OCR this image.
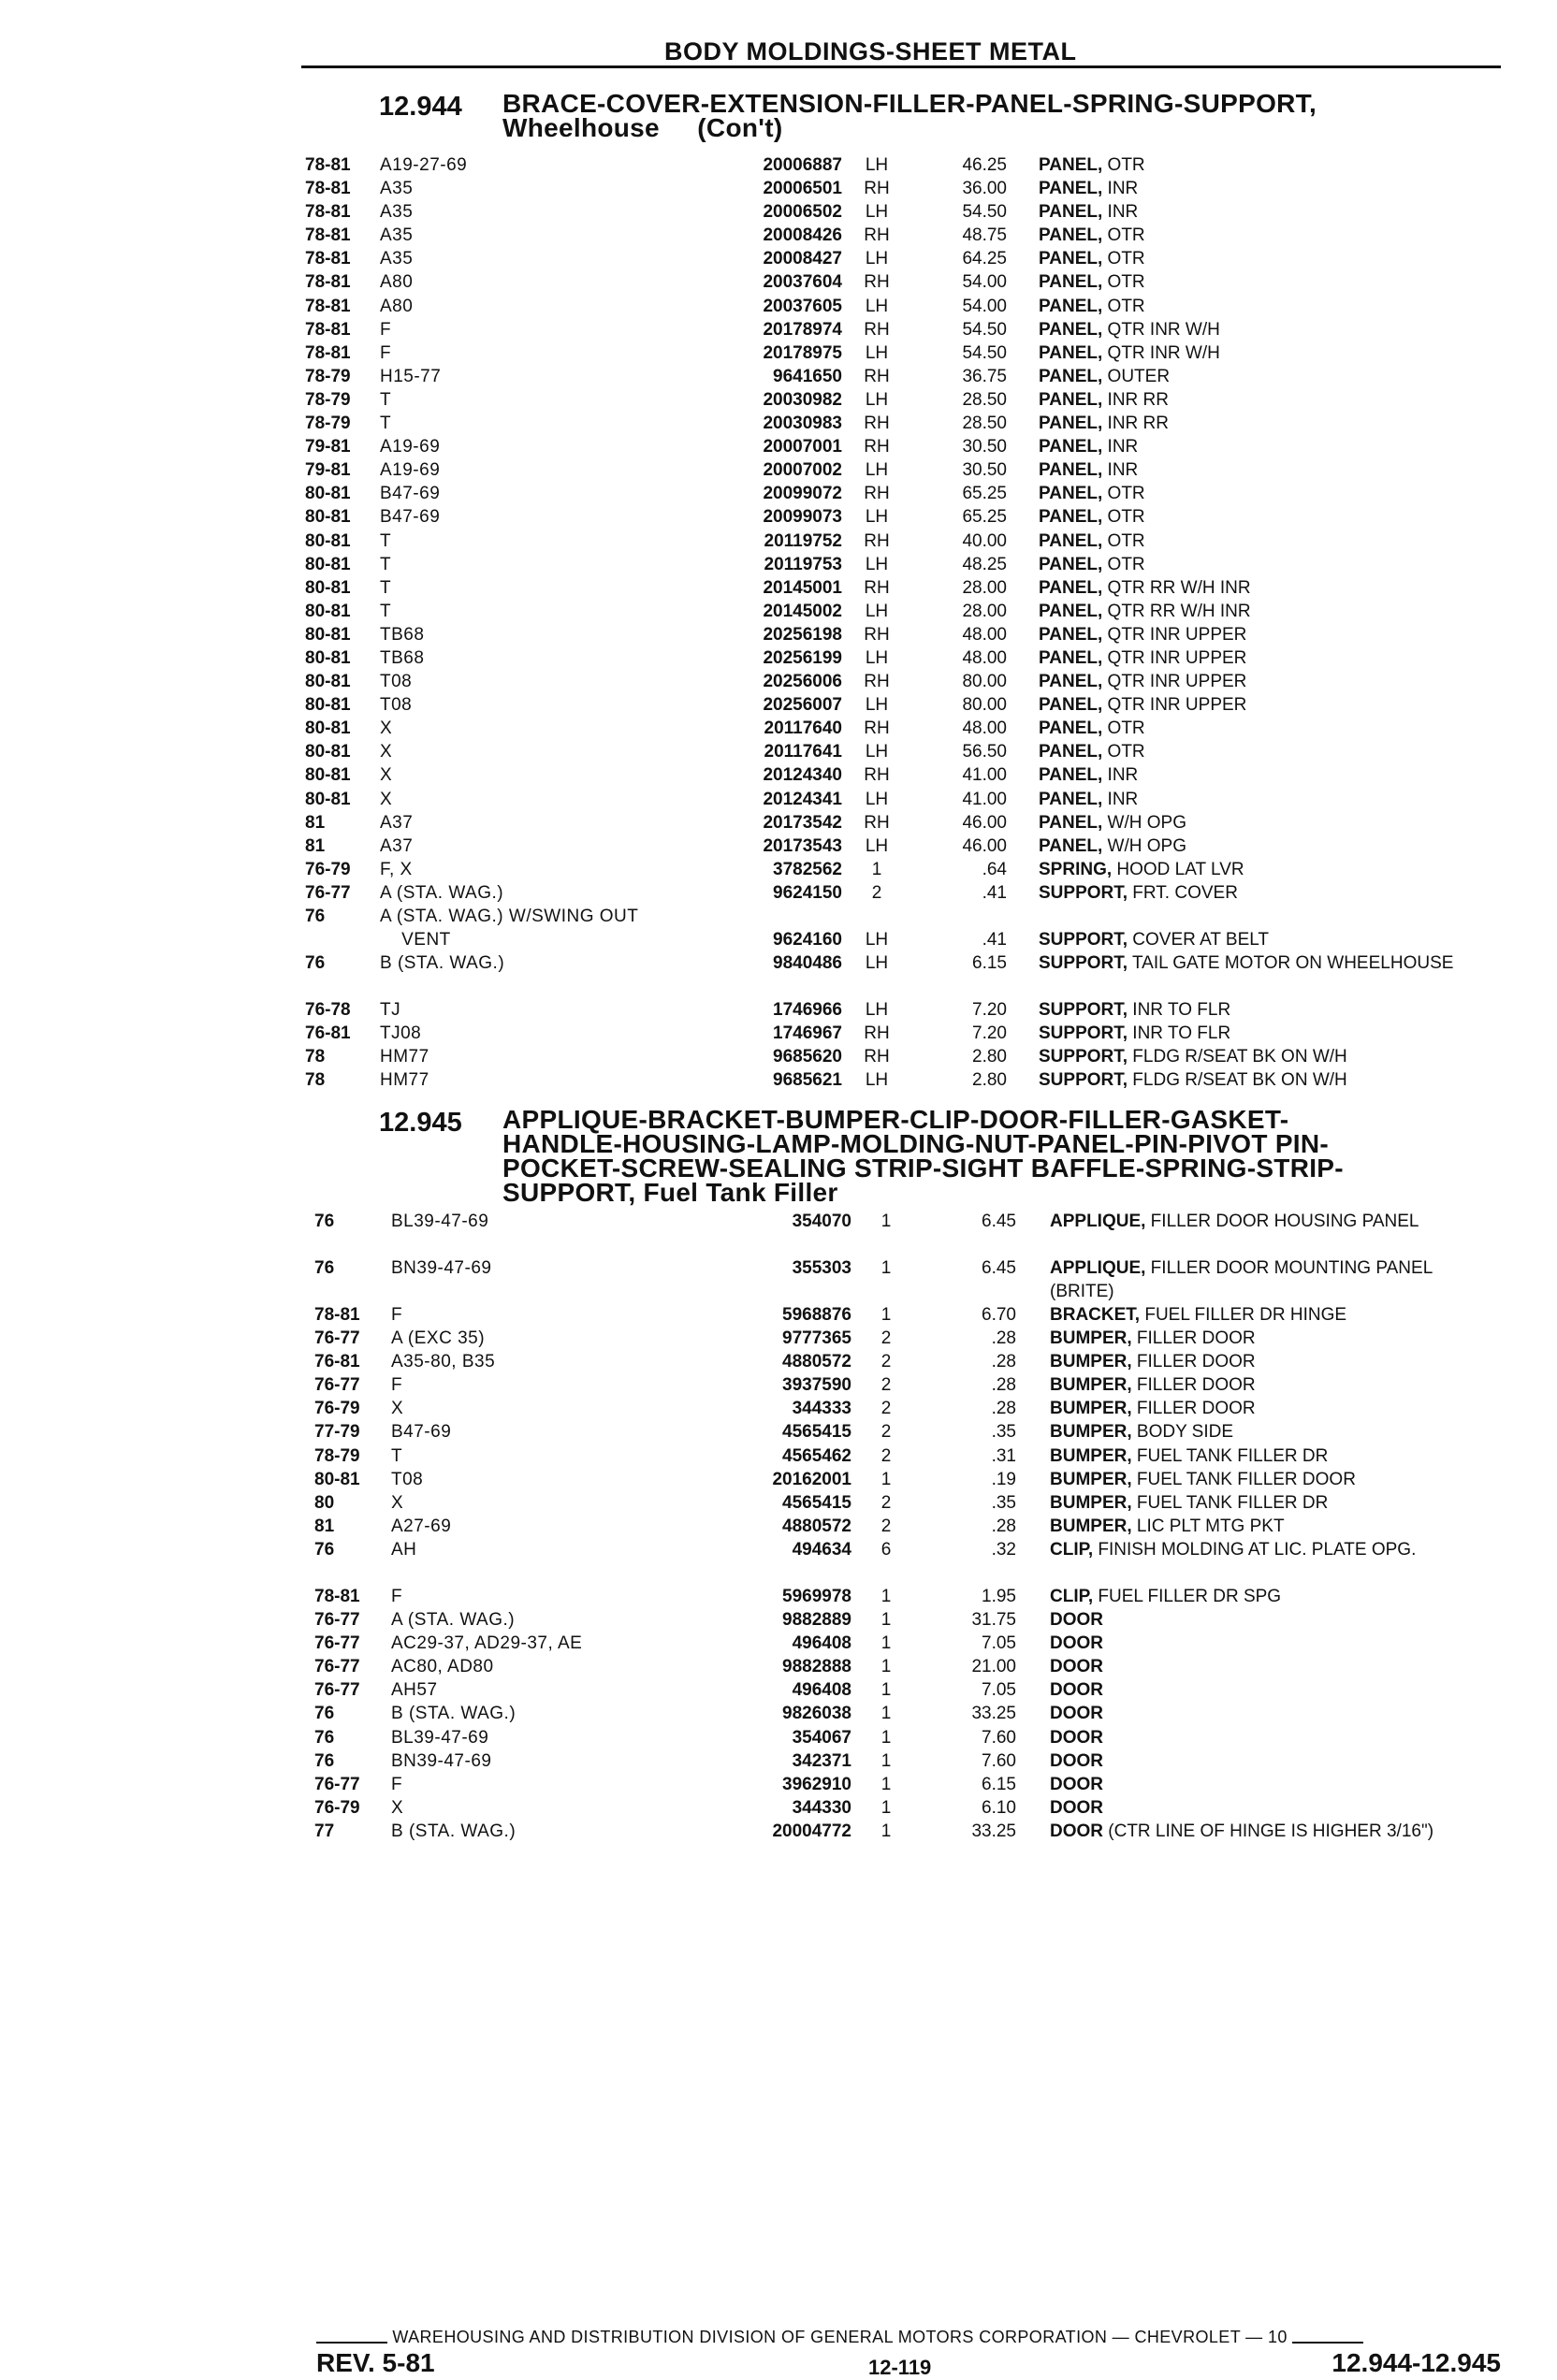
BODY MOLDINGS-SHEET METAL
12.944 BRACE-COVER-EXTENSION-FILLER-PANEL-SPRING-SUPPORT,
Wheelhouse     (Con't)
78-81 A19-27-69	20006887	LH	46.25 PANEL, OTR
78-81 A35	20006501	RH	36.00 PANEL, INR
78-81 A35	20006502	LH	54.50 PANEL, INR
78-81 A35	20008426	RH	48.75 PANEL, OTR
78-81 A35	20008427	LH	64.25 PANEL, OTR
78-81 A80	20037604	RH	54.00 PANEL, OTR
78-81 A80	20037605	LH	54.00 PANEL, OTR
78-81 F	20178974	RH	54.50 PANEL, QTR INR W/H
78-81 F	20178975	LH	54.50 PANEL, QTR INR W/H
78-79 H15-77	9641650	RH	36.75 PANEL, OUTER
78-79 T	20030982	LH	28.50 PANEL, INR RR
78-79 T	20030983	RH	28.50 PANEL, INR RR
79-81 A19-69	20007001	RH	30.50 PANEL, INR
79-81 A19-69	20007002	LH	30.50 PANEL, INR
80-81 B47-69	20099072	RH	65.25 PANEL, OTR
80-81 B47-69	20099073	LH	65.25 PANEL, OTR
80-81 T	20119752	RH	40.00 PANEL, OTR
80-81 T	20119753	LH	48.25 PANEL, OTR
80-81 T	20145001	RH	28.00 PANEL, QTR RR W/H INR
80-81 T	20145002	LH	28.00 PANEL, QTR RR W/H INR
80-81 TB68	20256198	RH	48.00 PANEL, QTR INR UPPER
80-81 TB68	20256199	LH	48.00 PANEL, QTR INR UPPER
80-81 T08	20256006	RH	80.00 PANEL, QTR INR UPPER
80-81 T08	20256007	LH	80.00 PANEL, QTR INR UPPER
80-81 X	20117640	RH	48.00 PANEL, OTR
80-81 X	20117641	LH	56.50 PANEL, OTR
80-81 X	20124340	RH	41.00 PANEL, INR
80-81 X	20124341	LH	41.00 PANEL, INR
81	A37	20173542	RH	46.00 PANEL, W/H OPG
81	A37	20173543	LH	46.00 PANEL, W/H OPG
76-79 F, X	3782562	1	.64 SPRING, HOOD LAT LVR
76-77 A (STA. WAG.)	9624150	2	.41 SUPPORT, FRT. COVER
76	A (STA. WAG.) W/SWING OUT
VENT	9624160	LH	.41 SUPPORT, COVER AT BELT
76	B (STA. WAG.)	9840486	LH	6.15 SUPPORT, TAIL GATE MOTOR ON WHEELHOUSE
76-78 TJ	1746966	LH	7.20 SUPPORT, INR TO FLR
76-81 TJ08	1746967	RH	7.20 SUPPORT, INR TO FLR
78	HM77	9685620	RH	2.80 SUPPORT, FLDG R/SEAT BK ON W/H
78	HM77	9685621	LH	2.80 SUPPORT, FLDG R/SEAT BK ON W/H
12.945 APPLIQUE-BRACKET-BUMPER-CLIP-DOOR-FILLER-GASKET-
HANDLE-HOUSING-LAMP-MOLDING-NUT-PANEL-PIN-PIVOT PIN-
POCKET-SCREW-SEALING STRIP-SIGHT BAFFLE-SPRING-STRIP-
SUPPORT, Fuel Tank Filler
76	BL39-47-69	354070	1	6.45 APPLIQUE, FILLER DOOR HOUSING PANEL
76	BN39-47-69	355303	1	6.45 APPLIQUE, FILLER DOOR MOUNTING PANEL (BRITE)
78-81 F	5968876	1	6.70 BRACKET, FUEL FILLER DR HINGE
76-77 A (EXC 35)	9777365	2	.28 BUMPER, FILLER DOOR
76-81 A35-80, B35	4880572	2	.28 BUMPER, FILLER DOOR
76-77 F	3937590	2	.28 BUMPER, FILLER DOOR
76-79 X	344333	2	.28 BUMPER, FILLER DOOR
77-79 B47-69	4565415	2	.35 BUMPER, BODY SIDE
78-79 T	4565462	2	.31 BUMPER, FUEL TANK FILLER DR
80-81 T08	20162001	1	.19 BUMPER, FUEL TANK FILLER DOOR
80	X	4565415	2	.35 BUMPER, FUEL TANK FILLER DR
81	A27-69	4880572	2	.28 BUMPER, LIC PLT MTG PKT
76	AH	494634	6	.32 CLIP, FINISH MOLDING AT LIC. PLATE OPG.
78-81 F	5969978	1	1.95 CLIP, FUEL FILLER DR SPG
76-77 A (STA. WAG.)	9882889	1	31.75 DOOR
76-77 AC29-37, AD29-37, AE	496408	1	7.05 DOOR
76-77 AC80, AD80	9882888	1	21.00 DOOR
76-77 AH57	496408	1	7.05 DOOR
76	B (STA. WAG.)	9826038	1	33.25 DOOR
76	BL39-47-69	354067	1	7.60 DOOR
76	BN39-47-69	342371	1	7.60 DOOR
76-77 F	3962910	1	6.15 DOOR
76-79 X	344330	1	6.10 DOOR
77	B (STA. WAG.)	20004772	1	33.25 DOOR (CTR LINE OF HINGE IS HIGHER 3/16")
WAREHOUSING AND DISTRIBUTION DIVISION OF GENERAL MOTORS CORPORATION — CHEVROLET — 10
REV. 5-81	12-119	12.944-12.945
